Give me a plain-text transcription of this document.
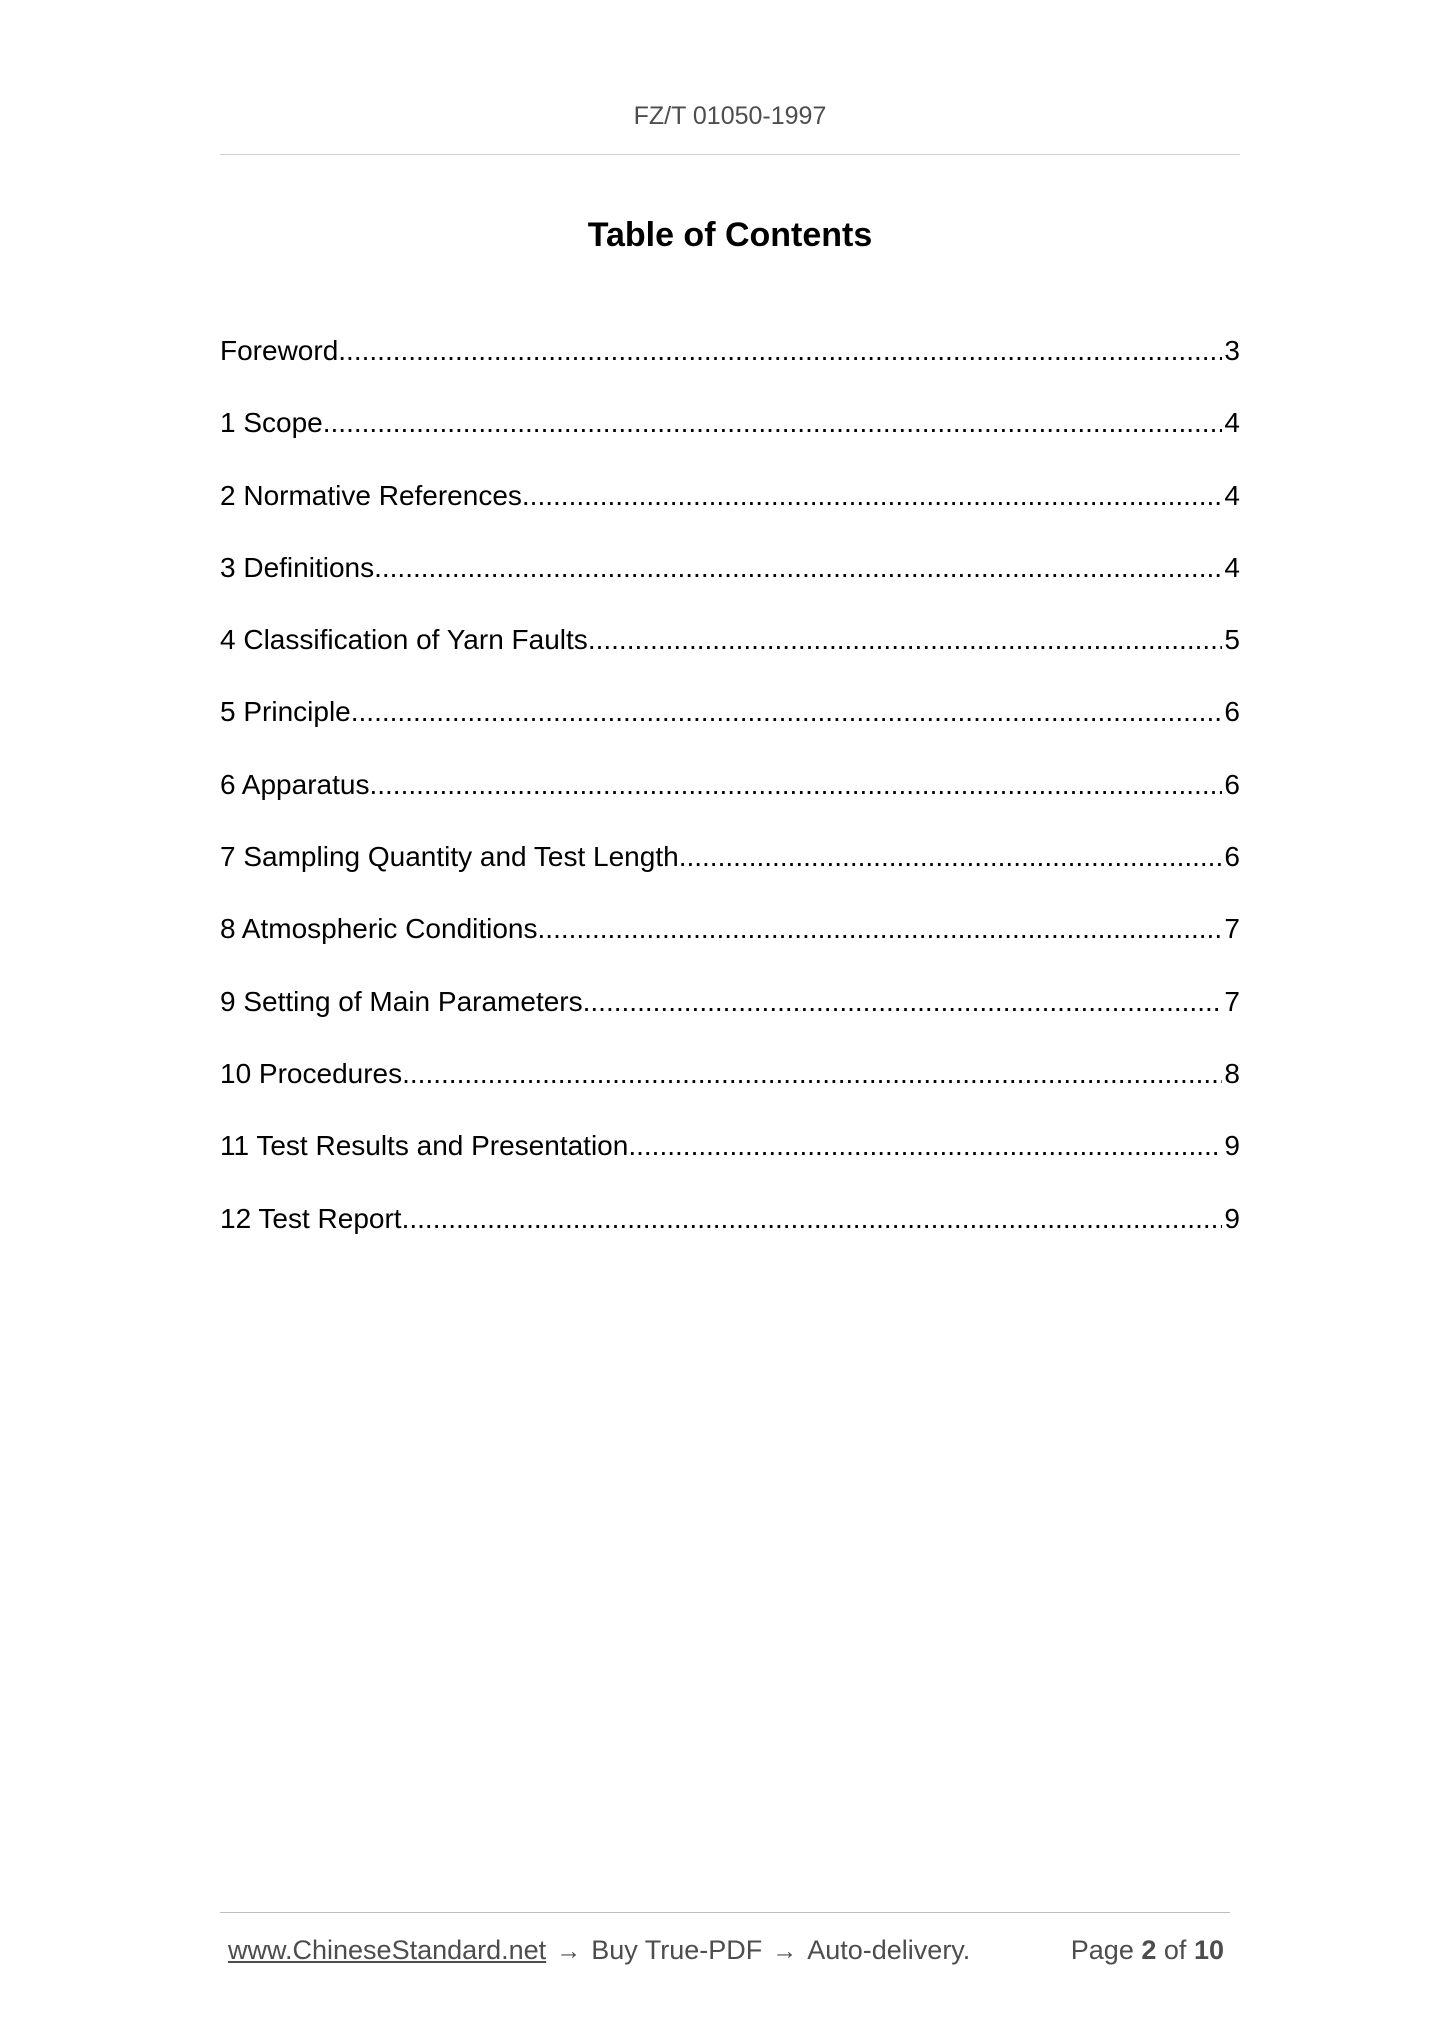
FZ/T 01050-1997
Table of Contents
Foreword .....	3
1 Scope .....	4
2 Normative References .....	4
3 Definitions .....	4
4 Classification of Yarn Faults .....	5
5 Principle .....	6
6 Apparatus .....	6
7 Sampling Quantity and Test Length .....	6
8 Atmospheric Conditions .....	7
9 Setting of Main Parameters .....	7
10 Procedures .....	8
11 Test Results and Presentation .....	9
12 Test Report .....	9
www.ChineseStandard.net → Buy True-PDF → Auto-delivery.	Page 2 of 10
